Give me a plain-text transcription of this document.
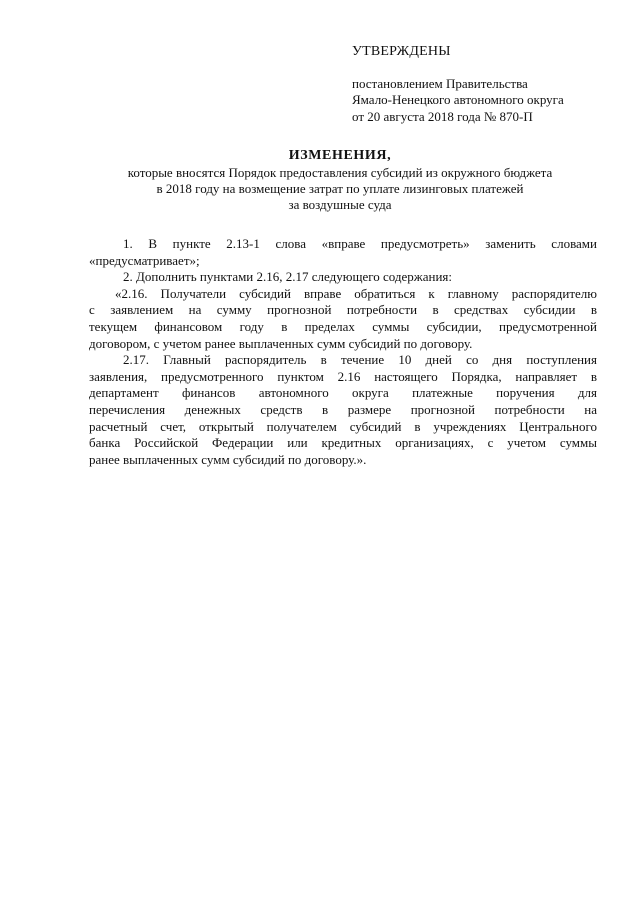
УТВЕРЖДЕНЫ
постановлением Правительства
Ямало-Ненецкого автономного округа
от 20 августа 2018 года № 870-П
ИЗМЕНЕНИЯ,
которые вносятся Порядок предоставления субсидий из окружного бюджета
в 2018 году на возмещение затрат по уплате лизинговых платежей
за воздушные суда
1. В пункте 2.13-1 слова «вправе предусмотреть» заменить словами
«предусматривает»;
2. Дополнить пунктами 2.16, 2.17 следующего содержания:
«2.16. Получатели субсидий вправе обратиться к главному распорядителю
с заявлением на сумму прогнозной потребности в средствах субсидии в
текущем финансовом году в пределах суммы субсидии, предусмотренной
договором, с учетом ранее выплаченных сумм субсидий по договору.
2.17. Главный распорядитель в течение 10 дней со дня поступления
заявления, предусмотренного пунктом 2.16 настоящего Порядка, направляет в
департамент финансов автономного округа платежные поручения для
перечисления денежных средств в размере прогнозной потребности на
расчетный счет, открытый получателем субсидий в учреждениях Центрального
банка Российской Федерации или кредитных организациях, с учетом суммы
ранее выплаченных сумм субсидий по договору.».
